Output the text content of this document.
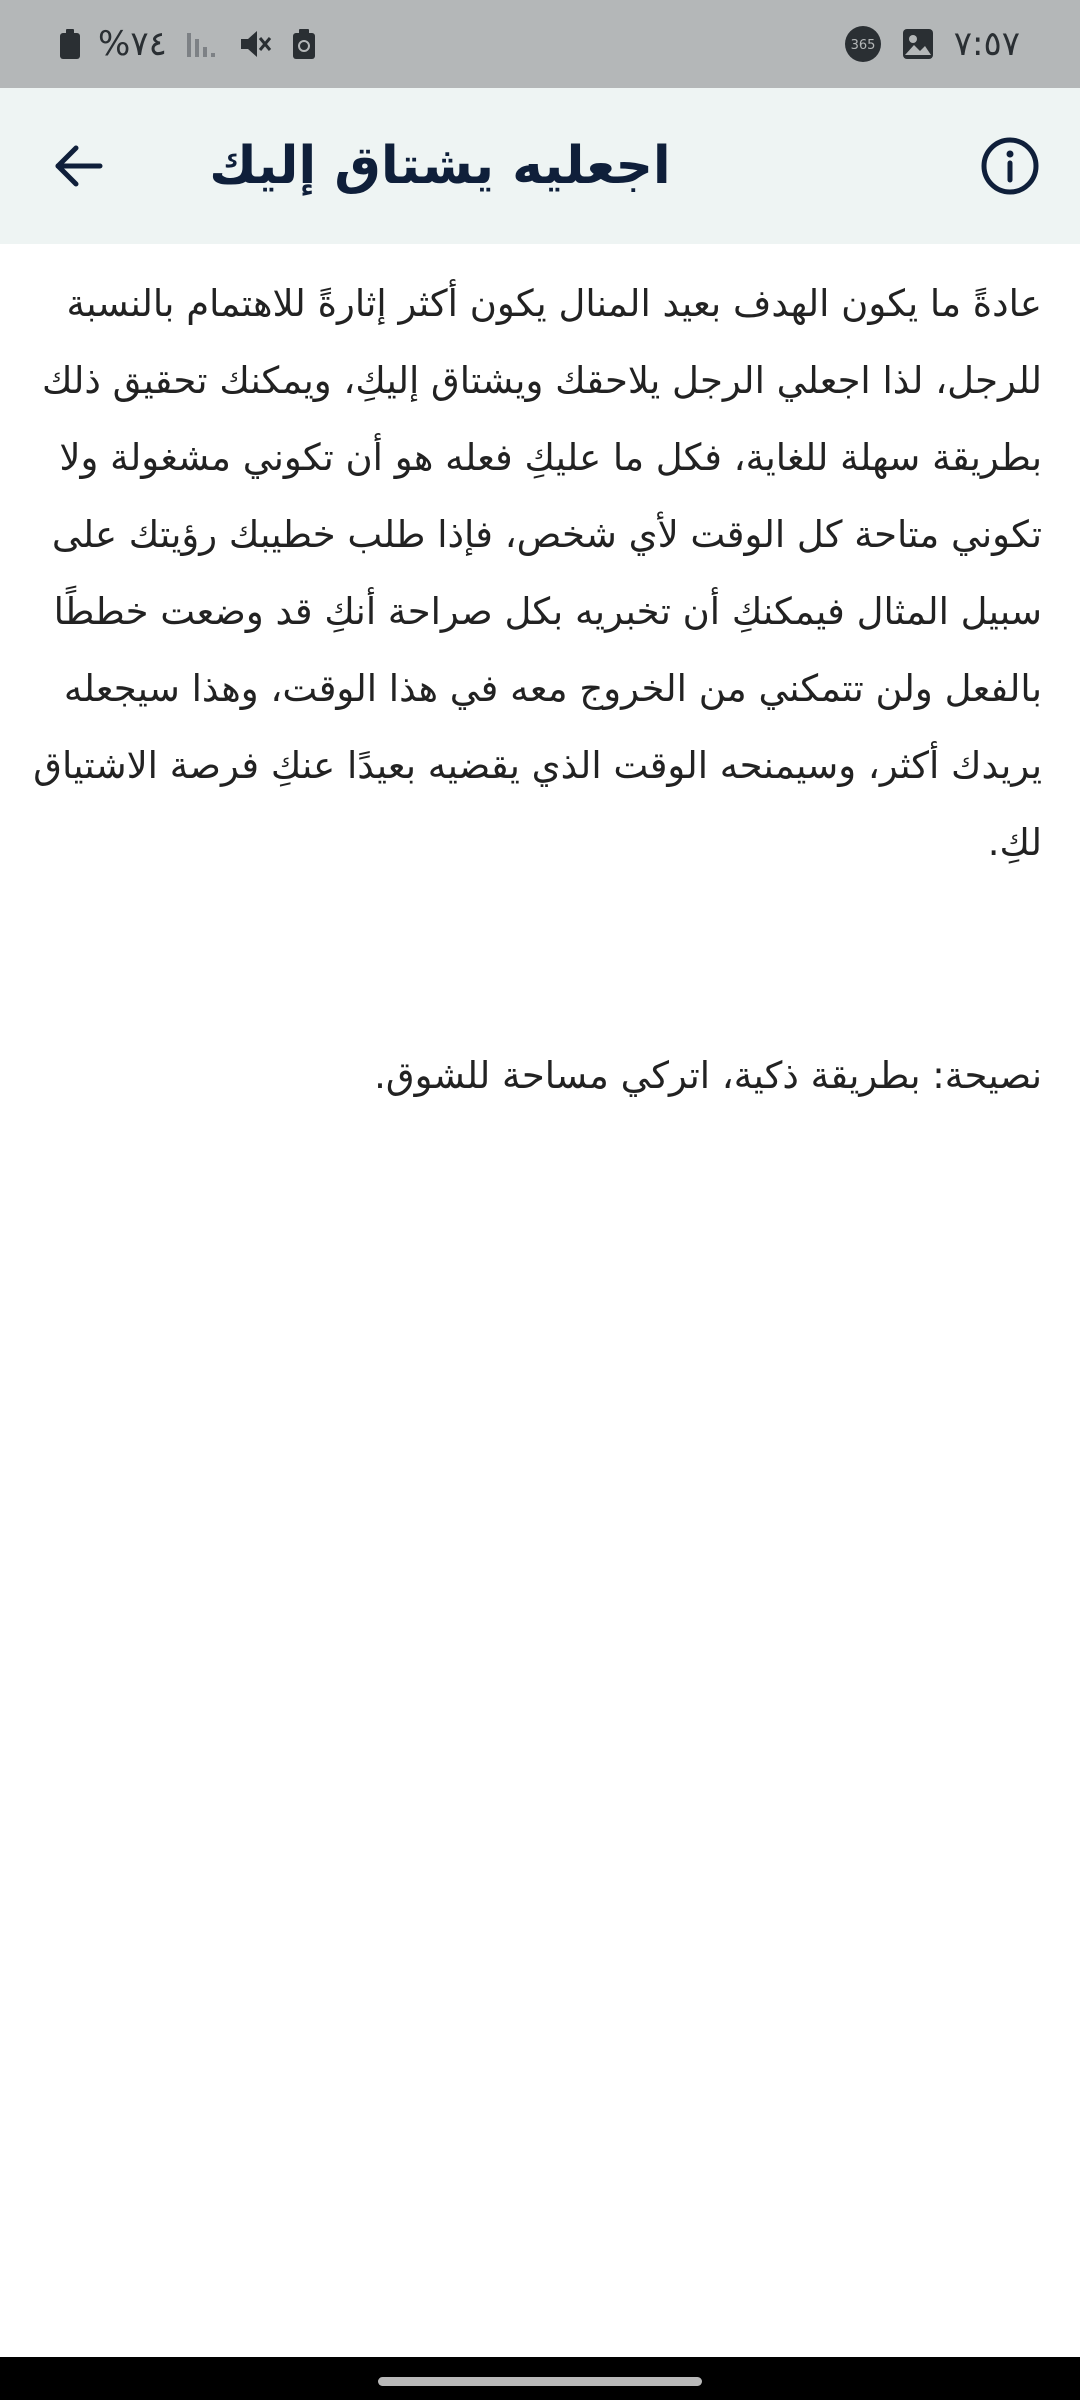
%٧٤	365 ٧:٥٧
اجعليه يشتاق إليك

عادةً ما يكون الهدف بعيد المنال يكون أكثر إثارةً للاهتمام بالنسبة للرجل، لذا اجعلي الرجل يلاحقك ويشتاق إليكِ، ويمكنك تحقيق ذلك بطريقة سهلة للغاية، فكل ما عليكِ فعله هو أن تكوني مشغولة ولا تكوني متاحة كل الوقت لأي شخص، فإذا طلب خطيبك رؤيتك على سبيل المثال فيمكنكِ أن تخبريه بكل صراحة أنكِ قد وضعت خططًا بالفعل ولن تتمكني من الخروج معه في هذا الوقت، وهذا سيجعله يريدك أكثر، وسيمنحه الوقت الذي يقضيه بعيدًا عنكِ فرصة الاشتياق لكِ.

نصيحة: بطريقة ذكية، اتركي مساحة للشوق.
